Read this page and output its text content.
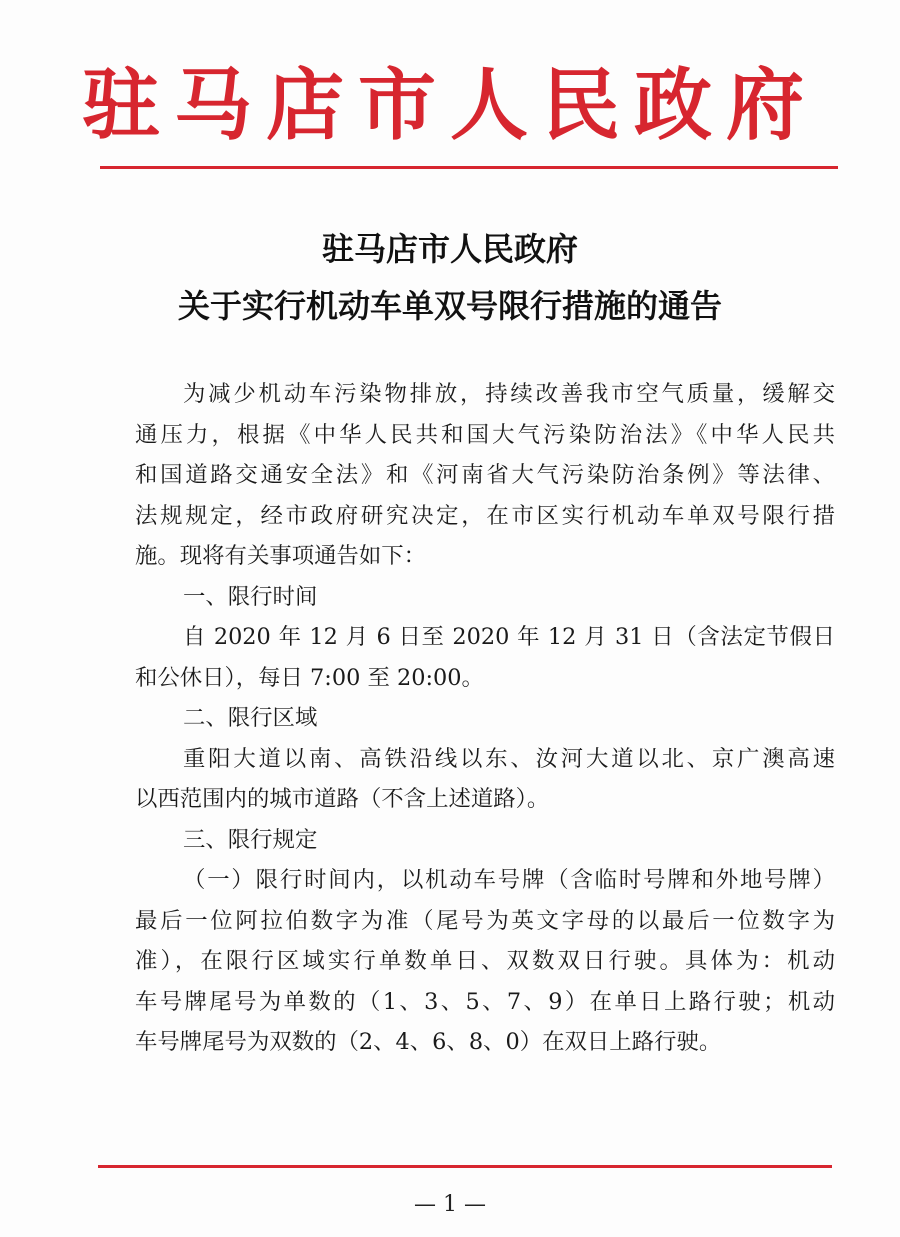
驻马店市人民政府
驻马店市人民政府
关于实行机动车单双号限行措施的通告
为减少机动车污染物排放，持续改善我市空气质量，缓解交
通压力，根据《中华人民共和国大气污染防治法》《中华人民共
和国道路交通安全法》和《河南省大气污染防治条例》等法律、
法规规定，经市政府研究决定，在市区实行机动车单双号限行措
施。现将有关事项通告如下：
一、限行时间
自 2020 年 12 月 6 日至 2020 年 12 月 31 日（含法定节假日
和公休日），每日 7:00 至 20:00。
二、限行区域
重阳大道以南、高铁沿线以东、汝河大道以北、京广澳高速
以西范围内的城市道路（不含上述道路）。
三、限行规定
（一）限行时间内，以机动车号牌（含临时号牌和外地号牌）
最后一位阿拉伯数字为准（尾号为英文字母的以最后一位数字为
准），在限行区域实行单数单日、双数双日行驶。具体为：机动
车号牌尾号为单数的（1、3、5、7、9）在单日上路行驶；机动
车号牌尾号为双数的（2、4、6、8、0）在双日上路行驶。
— 1 —
